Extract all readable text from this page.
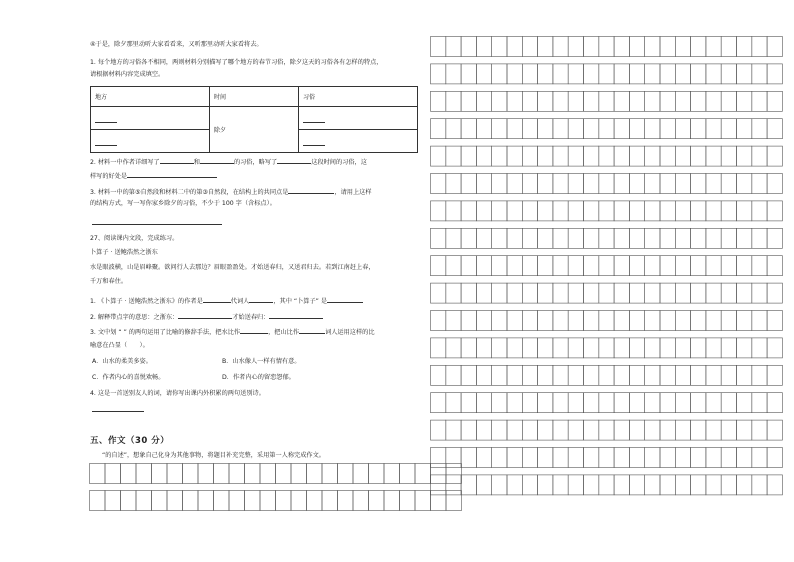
④于是，除夕那里动听大家看看来，又听那里动听大家看将去。
1. 每个地方的习俗各不相同，两则材料分别描写了哪个地方的春节习俗，除夕这天的习俗各有怎样的特点，
请根据材料内容完成填空。
地方	时间	习俗

	除夕	

2. 材料一中作者详细写了	和	的习俗，略写了	这段时间的习俗，这
样写的好处是
3. 材料一中的第⑤自然段和材料二中的第③自然段，在结构上的共同点是	，请用上这样
的结构方式，写一写你家乡除夕的习俗，不少于 100 字（含标点）。
27、阅读课内文段，完成练习。
卜算子 · 送鲍浩然之浙东
水是眼波横，山是眉峰聚。欲问行人去那边？眉眼盈盈处。才始送春归，又送君归去。若到江南赶上春，
千万和春住。
1. 《卜算子 · 送鲍浩然之浙东》的作者是	代词人	，其中 “卜算子” 是
2. 解释带点字的意思：之浙东：	才始送春归：
3. 文中划 “ ” 的两句运用了比喻的修辞手法，把水比作	，把山比作	词人运用这样的比
喻意在凸显（　　）。
A．山水的柔美多姿。	B．山水像人一样有情有意。
C．作者内心的喜悦欢畅。	D．作者内心的留恋怨郁。
4. 这是一首送别友人的词，请你写出课内外积累的两句送别诗。
五、作文（30 分）
“的自述”，想象自己化身为其他事物，将题目补充完整，采用第一人称完成作文。
